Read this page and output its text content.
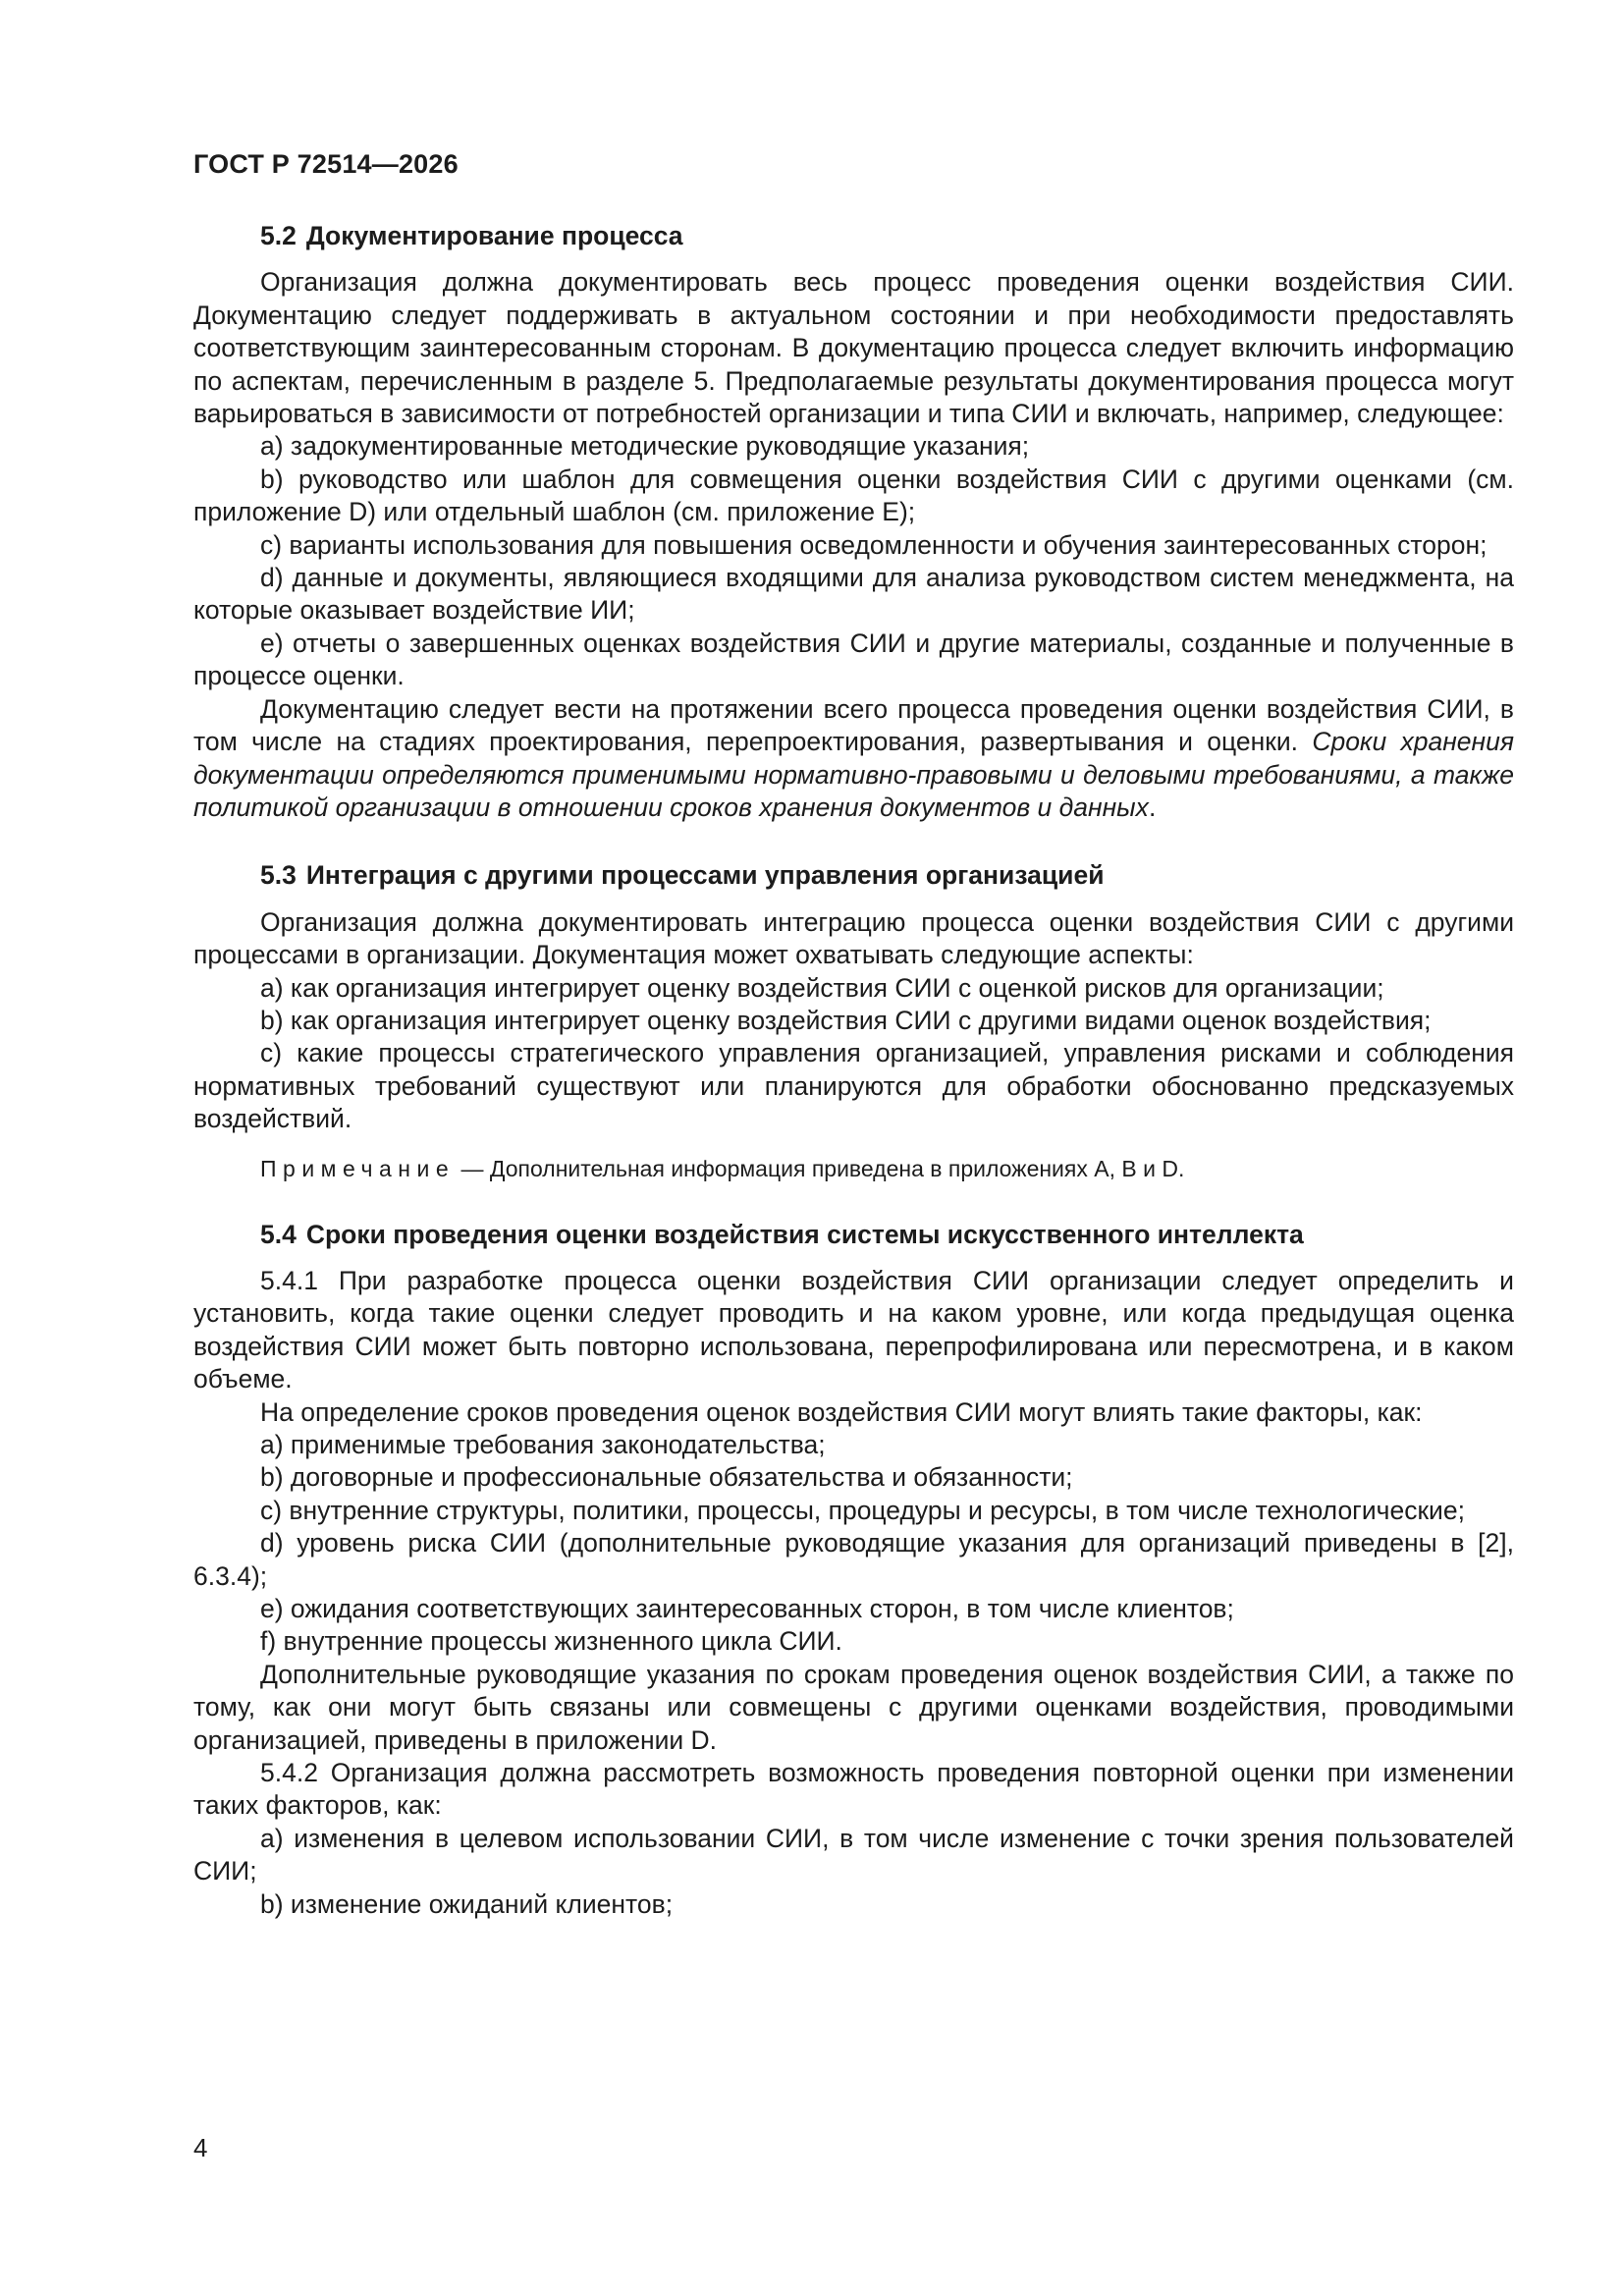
ГОСТ Р 72514—2026
5.2 Документирование процесса

Организация должна документировать весь процесс проведения оценки воздействия СИИ. Документацию следует поддерживать в актуальном состоянии и при необходимости предоставлять соответствующим заинтересованным сторонам. В документацию процесса следует включить информацию по аспектам, перечисленным в разделе 5. Предполагаемые результаты документирования процесса могут варьироваться в зависимости от потребностей организации и типа СИИ и включать, например, следующее:

a) задокументированные методические руководящие указания;

b) руководство или шаблон для совмещения оценки воздействия СИИ с другими оценками (см. приложение D) или отдельный шаблон (см. приложение E);

c) варианты использования для повышения осведомленности и обучения заинтересованных сторон;

d) данные и документы, являющиеся входящими для анализа руководством систем менеджмента, на которые оказывает воздействие ИИ;

e) отчеты о завершенных оценках воздействия СИИ и другие материалы, созданные и полученные в процессе оценки.

Документацию следует вести на протяжении всего процесса проведения оценки воздействия СИИ, в том числе на стадиях проектирования, перепроектирования, развертывания и оценки. Сроки хранения документации определяются применимыми нормативно-правовыми и деловыми требованиями, а также политикой организации в отношении сроков хранения документов и данных.

5.3 Интеграция с другими процессами управления организацией

Организация должна документировать интеграцию процесса оценки воздействия СИИ с другими процессами в организации. Документация может охватывать следующие аспекты:

a) как организация интегрирует оценку воздействия СИИ с оценкой рисков для организации;

b) как организация интегрирует оценку воздействия СИИ с другими видами оценок воздействия;

c) какие процессы стратегического управления организацией, управления рисками и соблюдения нормативных требований существуют или планируются для обработки обоснованно предсказуемых воздействий.

Примечание — Дополнительная информация приведена в приложениях А, В и D.

5.4 Сроки проведения оценки воздействия системы искусственного интеллекта

5.4.1 При разработке процесса оценки воздействия СИИ организации следует определить и установить, когда такие оценки следует проводить и на каком уровне, или когда предыдущая оценка воздействия СИИ может быть повторно использована, перепрофилирована или пересмотрена, и в каком объеме.

На определение сроков проведения оценок воздействия СИИ могут влиять такие факторы, как:

a) применимые требования законодательства;

b) договорные и профессиональные обязательства и обязанности;

c) внутренние структуры, политики, процессы, процедуры и ресурсы, в том числе технологические;

d) уровень риска СИИ (дополнительные руководящие указания для организаций приведены в [2], 6.3.4);

e) ожидания соответствующих заинтересованных сторон, в том числе клиентов;

f) внутренние процессы жизненного цикла СИИ.

Дополнительные руководящие указания по срокам проведения оценок воздействия СИИ, а также по тому, как они могут быть связаны или совмещены с другими оценками воздействия, проводимыми организацией, приведены в приложении D.

5.4.2 Организация должна рассмотреть возможность проведения повторной оценки при изменении таких факторов, как:

a) изменения в целевом использовании СИИ, в том числе изменение с точки зрения пользователей СИИ;

b) изменение ожиданий клиентов;

4
